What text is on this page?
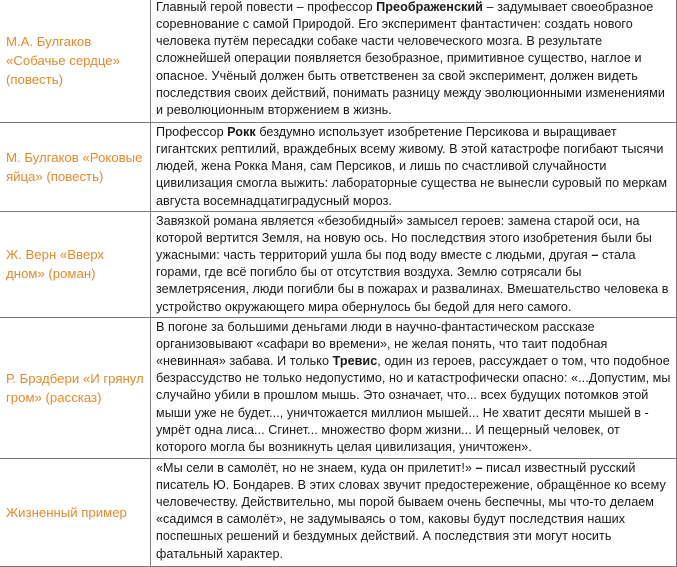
М.А. Булгаков «Собачье сердце» (повесть)	Главный герой повести – профессор Преображенский – задумывает своеобразное соревнование с самой Природой. Его эксперимент фантастичен: создать нового человека путём пересадки собаке части человеческого мозга. В результате сложнейшей операции появляется безобразное, примитивное существо, наглое и опасное. Учёный должен быть ответственен за свой эксперимент, должен видеть последствия своих действий, понимать разницу между эволюционными изменениями и революционным вторжением в жизнь.

М. Булгаков «Роковые яйца» (повесть)	Профессор Рокк бездумно использует изобретение Персикова и выращивает гигантских рептилий, враждебных всему живому. В этой катастрофе погибают тысячи людей, жена Рокка Маня, сам Персиков, и лишь по счастливой случайности цивилизация смогла выжить: лабораторные существа не вынесли суровый по меркам августа восемнадцатиградусный мороз.

Ж. Верн «Вверх дном» (роман)	Завязкой романа является «безобидный» замысел героев: замена старой оси, на которой вертится Земля, на новую ось. Но последствия этого изобретения были бы ужасными: часть территорий ушла бы под воду вместе с людьми, другая – стала горами, где всё погибло бы от отсутствия воздуха. Землю сотрясали бы землетрясения, люди погибли бы в пожарах и развалинах. Вмешательство человека в устройство окружающего мира обернулось бы бедой для него самого.

Р. Брэдбери «И грянул гром» (рассказ)	В погоне за большими деньгами люди в научно-фантастическом рассказе организовывают «сафари во времени», не желая понять, что таит подобная «невинная» забава. И только Тревис, один из героев, рассуждает о том, что подобное безрассудство не только недопустимо, но и катастрофически опасно: «...Допустим, мы случайно убили в прошлом мышь. Это означает, что... всех будущих потомков этой мыши уже не будет..., уничтожается миллион мышей... Не хватит десяти мышей в - умрёт одна лиса... Сгинет... множество форм жизни... И пещерный человек, от которого могла бы возникнуть целая цивилизация, уничтожен».

Жизненный пример	«Мы сели в самолёт, но не знаем, куда он прилетит!» – писал известный русский писатель Ю. Бондарев. В этих словах звучит предостережение, обращённое ко всему человечеству. Действительно, мы порой бываем очень беспечны, мы что-то делаем «садимся в самолёт», не задумываясь о том, каковы будут последствия наших поспешных решений и бездумных действий. А последствия эти могут носить фатальный характер.
